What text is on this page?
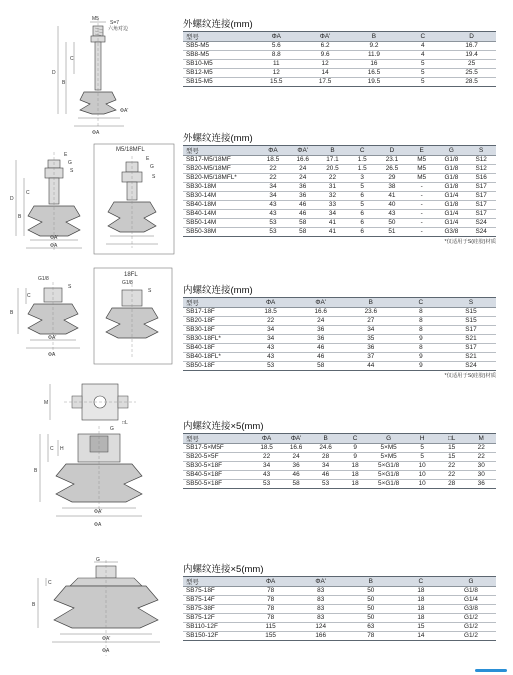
M5
S=7
六角对边
C
B
D
ΦA'
ΦA
M5/18MFL
E
G
S
C
D
B
ΦA'
ΦA
E
G
S
18FL
G1/8
S
G1/8
S
C
B
ΦA'
ΦA
M
□L
G
C H
B
ΦA'
ΦA
G
C
B
ΦA'
ΦA
外螺纹连接(mm)
型号	ΦA	ΦA'	B	C	D
SB5-M5	5.6	6.2	9.2	4	16.7
SB8-M5	8.8	9.6	11.9	4	19.4
SB10-M5	11	12	16	5	25
SB12-M5	12	14	16.5	5	25.5
SB15-M5	15.5	17.5	19.5	5	28.5
外螺纹连接(mm)
型号	ΦA	ΦA'	B	C	D	E	G	S
SB17-M5/18MF	18.5	16.6	17.1	1.5	23.1	M5	G1/8	S12
SB20-M5/18MF	22	24	20.5	1.5	26.5	M5	G1/8	S12
SB20-M5/18MFL*	22	24	22	3	29	M5	G1/8	S16
SB30-18M	34	36	31	5	38	-	G1/8	S17
SB30-14M	34	36	32	6	41	-	G1/4	S17
SB40-18M	43	46	33	5	40	-	G1/8	S17
SB40-14M	43	46	34	6	43	-	G1/4	S17
SB50-14M	53	58	41	6	50	-	G1/4	S24
SB50-38M	53	58	41	6	51	-	G3/8	S24
*仅适用于S(硅胶)材质
内螺纹连接(mm)
型号	ΦA	ΦA'	B	C	S
SB17-18F	18.5	16.6	23.6	8	S15
SB20-18F	22	24	27	8	S15
SB30-18F	34	36	34	8	S17
SB30-18FL*	34	36	35	9	S21
SB40-18F	43	46	36	8	S17
SB40-18FL*	43	46	37	9	S21
SB50-18F	53	58	44	9	S24
*仅适用于S(硅胶)材质
内螺纹连接×5(mm)
型号	ΦA	ΦA'	B	C	G	H	□L	M
SB17-5×M5F	18.5	16.6	24.6	9	5×M5	5	15	22
SB20-5×5F	22	24	28	9	5×M5	5	15	22
SB30-5×18F	34	36	34	18	5×G1/8	10	22	30
SB40-5×18F	43	46	46	18	5×G1/8	10	22	30
SB50-5×18F	53	58	53	18	5×G1/8	10	28	36
内螺纹连接×5(mm)
型号	ΦA	ΦA'	B	C	G
SB75-18F	78	83	50	18	G1/8
SB75-14F	78	83	50	18	G1/4
SB75-38F	78	83	50	18	G3/8
SB75-12F	78	83	50	18	G1/2
SB110-12F	115	124	63	15	G1/2
SB150-12F	155	166	78	14	G1/2
